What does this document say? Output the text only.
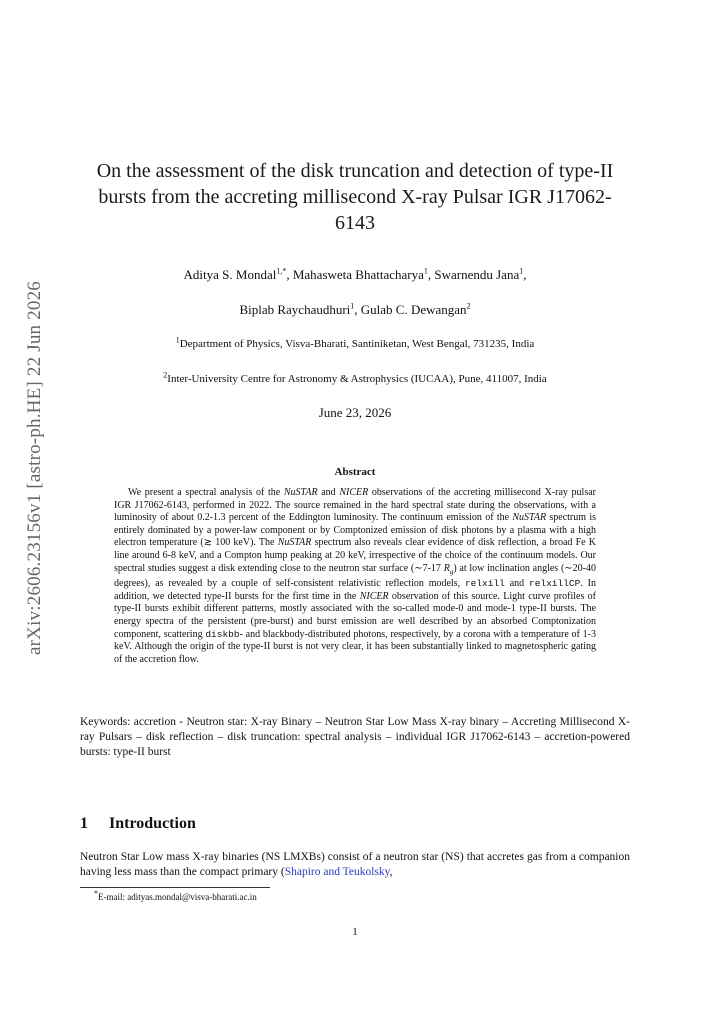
arXiv:2606.23156v1 [astro-ph.HE] 22 Jun 2026
On the assessment of the disk truncation and detection of type-II bursts from the accreting millisecond X-ray Pulsar IGR J17062-6143
Aditya S. Mondal$^{1,*}$, Mahasweta Bhattacharya$^1$, Swarnendu Jana$^1$,
Biplab Raychaudhuri$^1$, Gulab C. Dewangan$^2$
$^1$Department of Physics, Visva-Bharati, Santiniketan, West Bengal, 731235, India
$^2$Inter-University Centre for Astronomy & Astrophysics (IUCAA), Pune, 411007, India
June 23, 2026
Abstract
We present a spectral analysis of the NuSTAR and NICER observations of the accreting millisecond X-ray pulsar IGR J17062-6143, performed in 2022. The source remained in the hard spectral state during the observations, with a luminosity of about 0.2-1.3 percent of the Eddington luminosity. The continuum emission of the NuSTAR spectrum is entirely dominated by a power-law component or by Comptonized emission of disk photons by a plasma with a high electron temperature (≳ 100 keV). The NuSTAR spectrum also reveals clear evidence of disk reflection, a broad Fe K line around 6-8 keV, and a Compton hump peaking at 20 keV, irrespective of the choice of the continuum models. Our spectral studies suggest a disk extending close to the neutron star surface (∼7-17 $R_g$) at low inclination angles (∼20-40 degrees), as revealed by a couple of self-consistent relativistic reflection models, relxill and relxillCP. In addition, we detected type-II bursts for the first time in the NICER observation of this source. Light curve profiles of type-II bursts exhibit different patterns, mostly associated with the so-called mode-0 and mode-1 type-II bursts. The energy spectra of the persistent (pre-burst) and burst emission are well described by an absorbed Comptonization component, scattering diskbb- and blackbody-distributed photons, respectively, by a corona with a temperature of 1-3 keV. Although the origin of the type-II burst is not very clear, it has been substantially linked to magnetospheric gating of the accretion flow.
Keywords: accretion - Neutron star: X-ray Binary – Neutron Star Low Mass X-ray binary – Accreting Millisecond X-ray Pulsars – disk reflection – disk truncation: spectral analysis – individual IGR J17062-6143 – accretion-powered bursts: type-II burst
1 Introduction
Neutron Star Low mass X-ray binaries (NS LMXBs) consist of a neutron star (NS) that accretes gas from a companion having less mass than the compact primary (Shapiro and Teukolsky,
*E-mail: adityas.mondal@visva-bharati.ac.in
1
